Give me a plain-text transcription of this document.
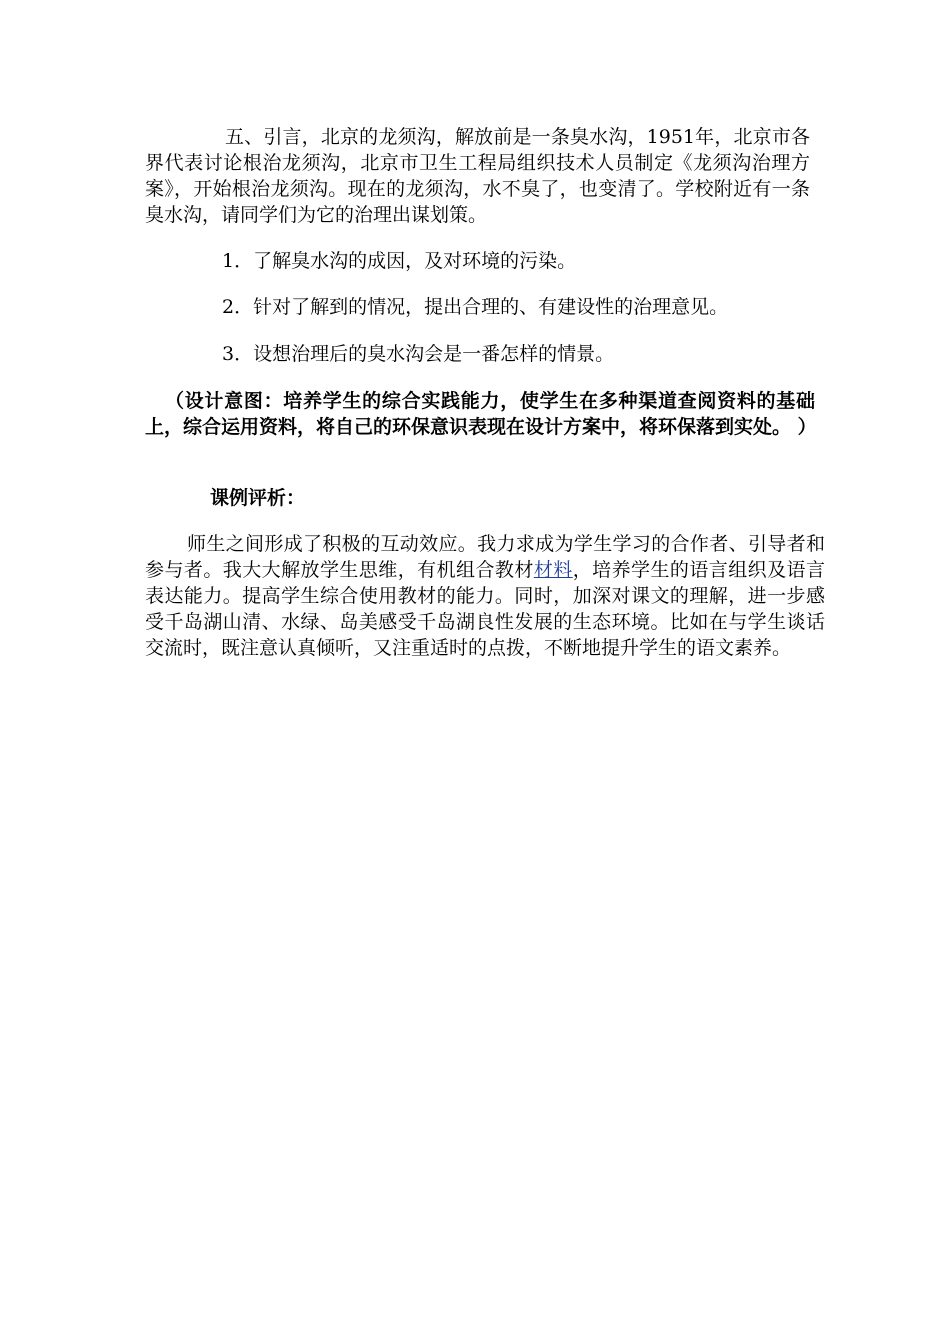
五、引言，北京的龙须沟，解放前是一条臭水沟，1951年，北京市各界代表讨论根治龙须沟，北京市卫生工程局组织技术人员制定《龙须沟治理方案》，开始根治龙须沟。现在的龙须沟，水不臭了，也变清了。学校附近有一条臭水沟，请同学们为它的治理出谋划策。

1．了解臭水沟的成因，及对环境的污染。

2．针对了解到的情况，提出合理的、有建设性的治理意见。

3．设想治理后的臭水沟会是一番怎样的情景。

（设计意图：培养学生的综合实践能力，使学生在多种渠道查阅资料的基础上，综合运用资料，将自己的环保意识表现在设计方案中，将环保落到实处。 ）

课例评析：

师生之间形成了积极的互动效应。我力求成为学生学习的合作者、引导者和参与者。我大大解放学生思维，有机组合教材材料，培养学生的语言组织及语言表达能力。提高学生综合使用教材的能力。同时，加深对课文的理解，进一步感受千岛湖山清、水绿、岛美感受千岛湖良性发展的生态环境。比如在与学生谈话交流时，既注意认真倾听，又注重适时的点拨，不断地提升学生的语文素养。
